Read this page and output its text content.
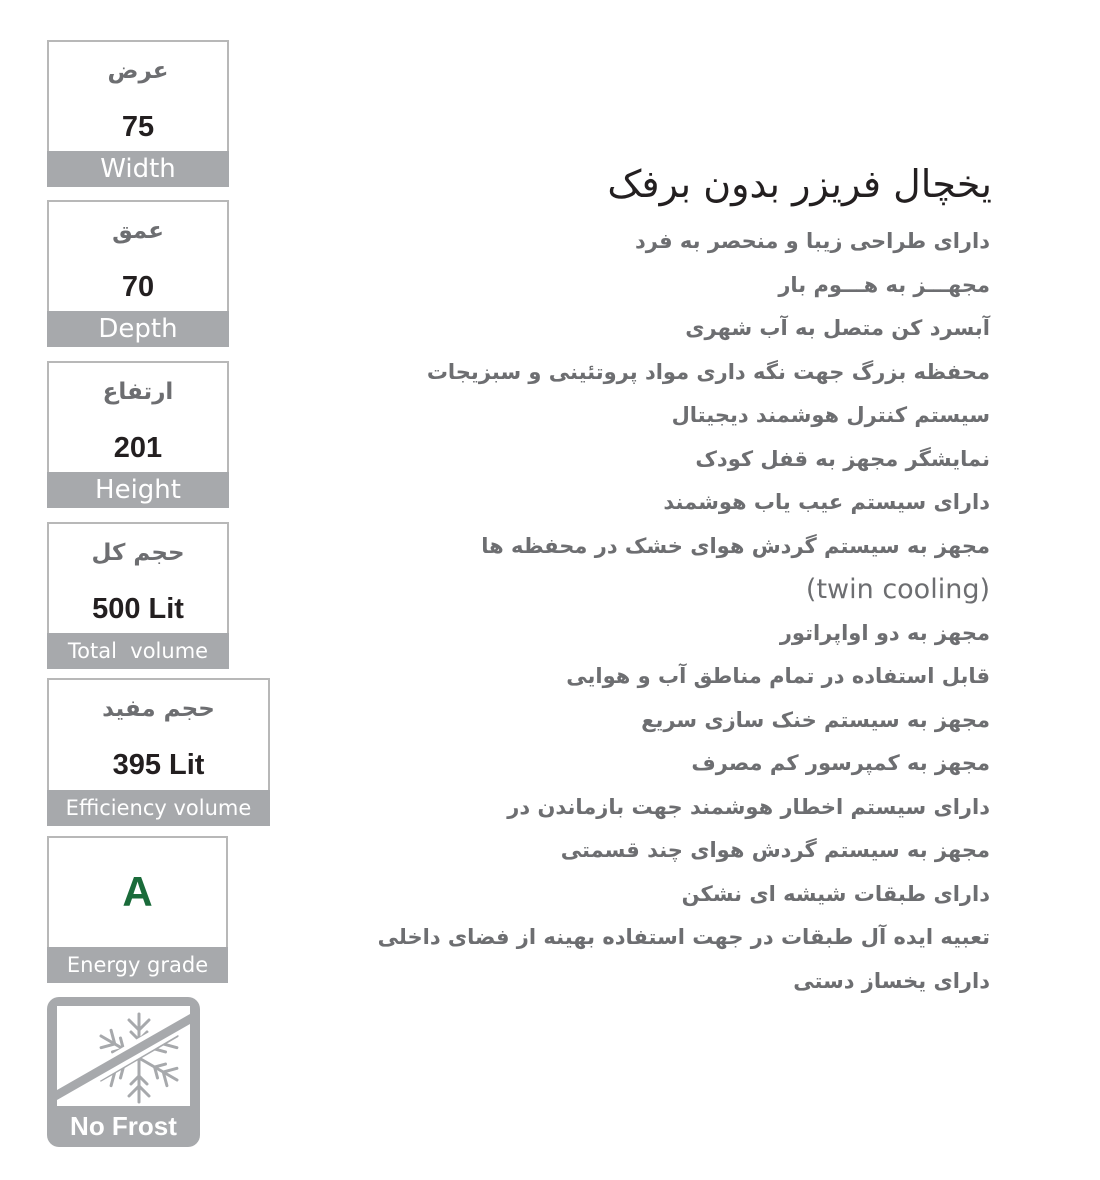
عرض
75
Width
عمق
70
Depth
ارتفاع
201
Height
حجم کل
500 Lit
Total  volume
حجم مفید
395 Lit
Efficiency volume
A
Energy grade
No Frost
یخچال فریزر بدون برفک
دارای طراحی زیبا و منحصر به فرد
مجهـــز به هـــوم بار
آبسرد کن متصل به آب شهری
محفظه بزرگ جهت نگه داری مواد پروتئینی و سبزیجات
سیستم کنترل هوشمند دیجیتال
نمایشگر مجهز به قفل کودک
دارای سیستم عیب یاب هوشمند
مجهز به سیستم گردش هوای خشک در محفظه ها
(twin cooling)
مجهز به دو اواپراتور
قابل استفاده در تمام مناطق آب و هوایی
مجهز به سیستم خنک سازی سریع
مجهز به کمپرسور کم مصرف
دارای سیستم اخطار هوشمند جهت بازماندن در
مجهز به سیستم گردش هوای چند قسمتی
دارای طبقات شیشه ای نشکن
تعبیه ایده آل طبقات در جهت استفاده بهینه از فضای داخلی
دارای یخساز دستی
